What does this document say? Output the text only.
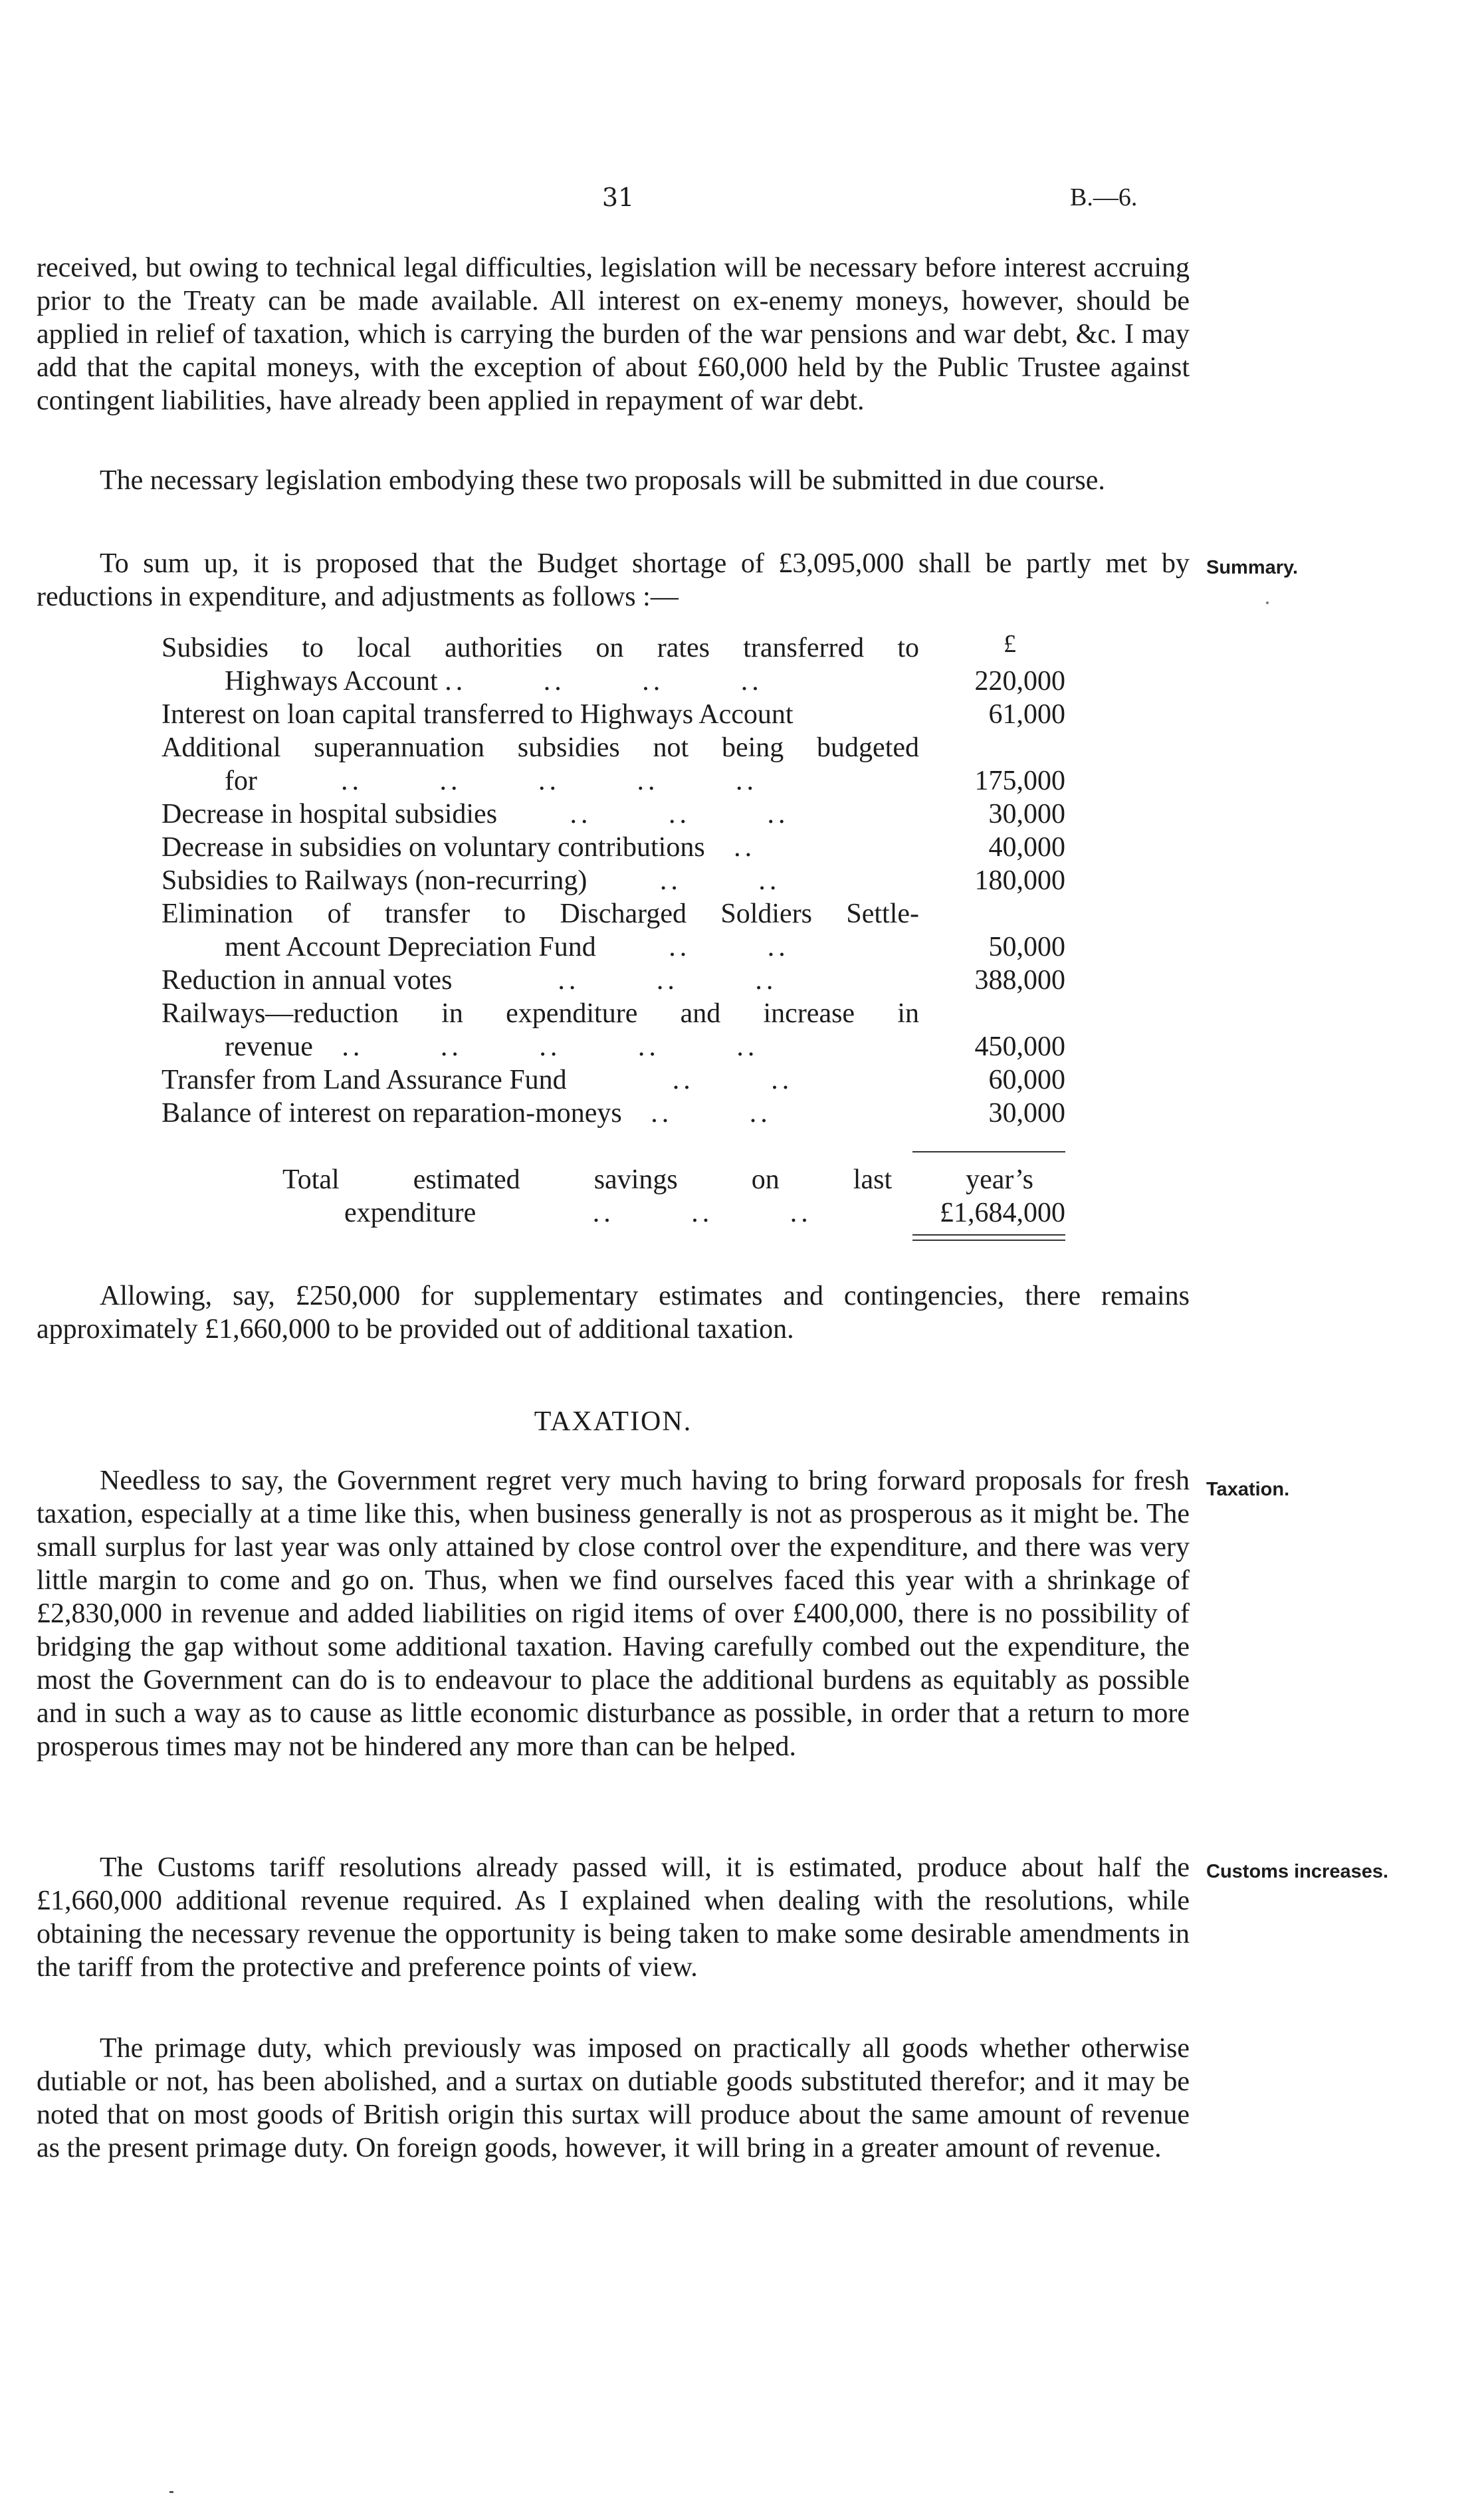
31	B.—6.

received, but owing to technical legal difficulties, legislation will be necessary before interest accruing prior to the Treaty can be made available. All interest on ex-enemy moneys, however, should be applied in relief of taxation, which is carrying the burden of the war pensions and war debt, &c. I may add that the capital moneys, with the exception of about £60,000 held by the Public Trustee against contingent liabilities, have already been applied in repayment of war debt.

The necessary legislation embodying these two proposals will be submitted in due course.

To sum up, it is proposed that the Budget shortage of £3,095,000 shall be partly met by reductions in expenditure, and adjustments as follows :—

Summary.
£
Subsidies to local authorities on rates transferred to
Highways Account ..       ..       ..       ..	220,000
Interest on loan capital transferred to Highways Account	61,000
Additional superannuation subsidies not being budgeted
for        ..       ..       ..       ..       ..	175,000
Decrease in hospital subsidies       ..       ..       ..	30,000
Decrease in subsidies on voluntary contributions   ..	40,000
Subsidies to Railways (non-recurring)       ..       ..	180,000
Elimination of transfer to Discharged Soldiers Settle-
ment Account Depreciation Fund       ..       ..	50,000
Reduction in annual votes          ..       ..       ..	388,000
Railways—reduction in expenditure and increase in
revenue   ..       ..       ..       ..       ..	450,000
Transfer from Land Assurance Fund          ..       ..	60,000
Balance of interest on reparation-moneys   ..       ..	30,000
Total estimated savings on last year’s
expenditure           ..       ..       ..	£1,684,000

Allowing, say, £250,000 for supplementary estimates and contingencies, there remains approximately £1,660,000 to be provided out of additional taxation.

TAXATION.

Needless to say, the Government regret very much having to bring forward proposals for fresh taxation, especially at a time like this, when business generally is not as prosperous as it might be. The small surplus for last year was only attained by close control over the expenditure, and there was very little margin to come and go on. Thus, when we find ourselves faced this year with a shrinkage of £2,830,000 in revenue and added liabilities on rigid items of over £400,000, there is no possibility of bridging the gap without some additional taxation. Having carefully combed out the expenditure, the most the Government can do is to endeavour to place the additional burdens as equitably as possible and in such a way as to cause as little economic disturbance as possible, in order that a return to more prosperous times may not be hindered any more than can be helped.

Taxation.

The Customs tariff resolutions already passed will, it is estimated, produce about half the £1,660,000 additional revenue required. As I explained when dealing with the resolutions, while obtaining the necessary revenue the opportunity is being taken to make some desirable amendments in the tariff from the protective and preference points of view.

Customs increases.

The primage duty, which previously was imposed on practically all goods whether otherwise dutiable or not, has been abolished, and a surtax on dutiable goods substituted therefor; and it may be noted that on most goods of British origin this surtax will produce about the same amount of revenue as the present primage duty. On foreign goods, however, it will bring in a greater amount of revenue.
